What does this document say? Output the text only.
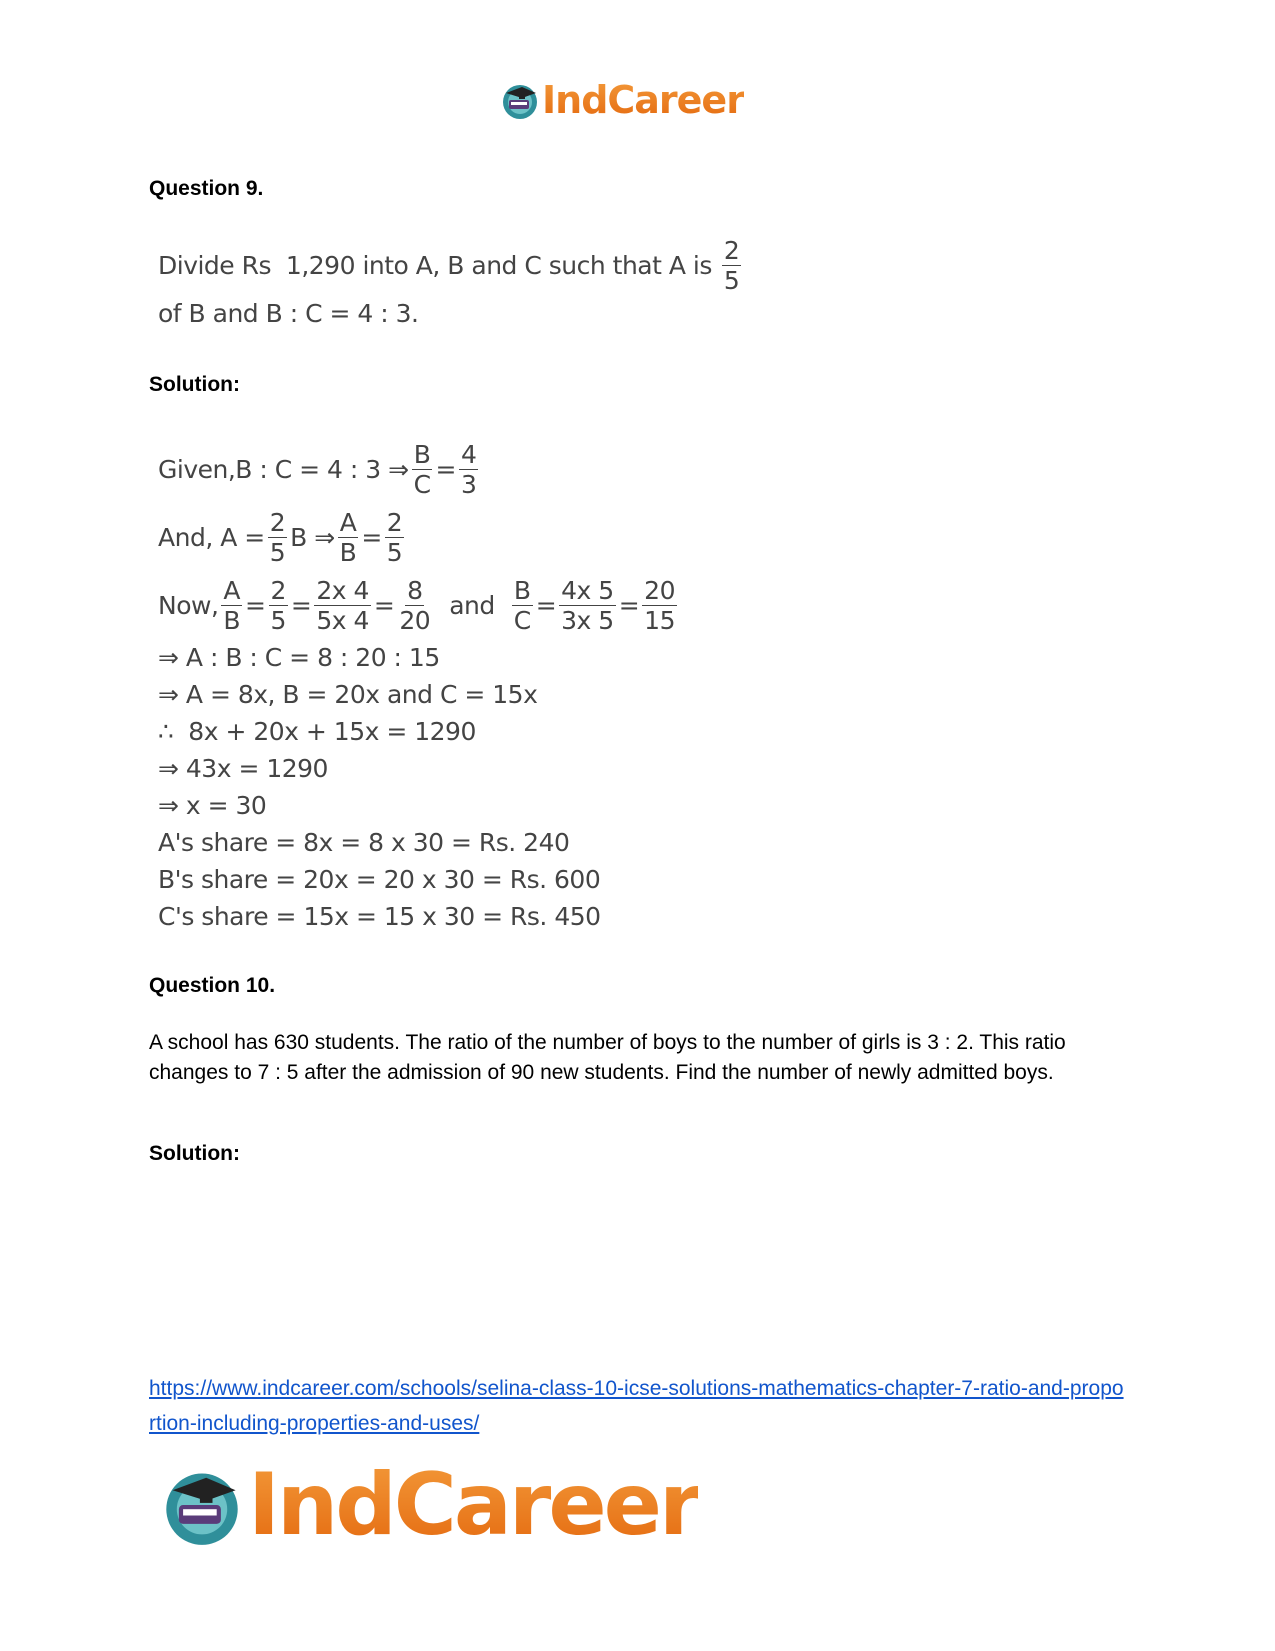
IndCareer
Question 9.
Divide Rs  1,290 into A, B and C such that A is $\frac{2}{5}$
of B and B : C = 4 : 3.
Solution:
Given,B : C = 4 : 3 ⇒ $\frac{B}{C} = \frac{4}{3}$
And, $A = \frac{2}{5}$ B ⇒ $\frac{A}{B} = \frac{2}{5}$
Now, $\frac{A}{B} = \frac{2}{5} = \frac{2x 4}{5x 4} = \frac{8}{20}$ and $\frac{B}{C} = \frac{4x 5}{3x 5} = \frac{20}{15}$
⇒ A : B : C = 8 : 20 : 15
⇒ A = 8x, B = 20x and C = 15x
∴  8x + 20x + 15x = 1290
⇒ 43x = 1290
⇒ x = 30
A's share = 8x = 8 x 30 = Rs. 240
B's share = 20x = 20 x 30 = Rs. 600
C's share = 15x = 15 x 30 = Rs. 450
Question 10.
A school has 630 students. The ratio of the number of boys to the number of girls is 3 : 2. This ratio changes to 7 : 5 after the admission of 90 new students. Find the number of newly admitted boys.
Solution:
https://www.indcareer.com/schools/selina-class-10-icse-solutions-mathematics-chapter-7-ratio-and-proportion-including-properties-and-uses/
IndCareer
